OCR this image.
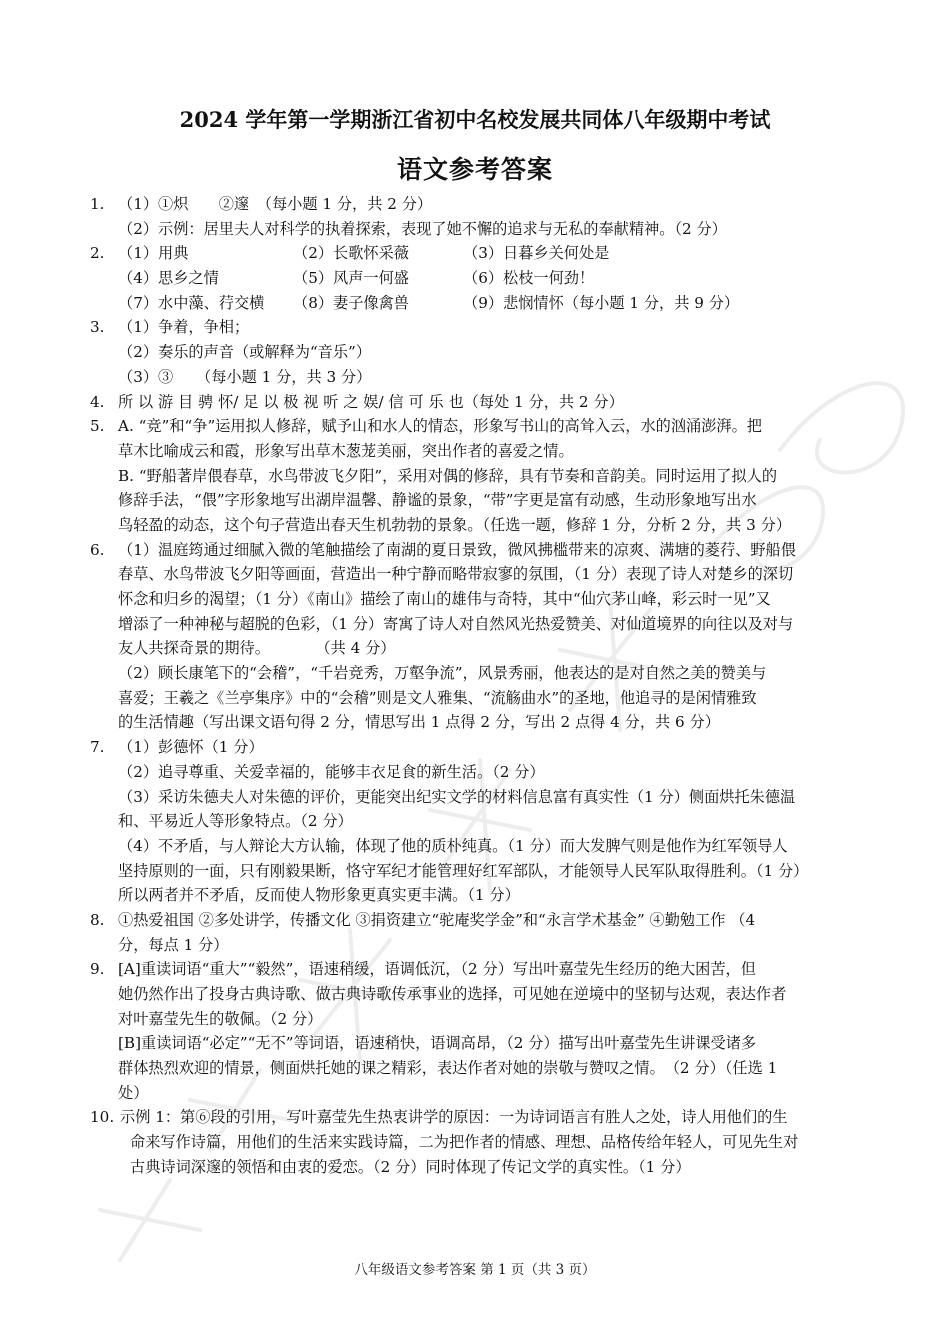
2024 学年第一学期浙江省初中名校发展共同体八年级期中考试
语文参考答案
1. （1）①炽　　②邃　（每小题 1 分，共 2 分）
（2）示例：居里夫人对科学的执着探索，表现了她不懈的追求与无私的奉献精神。（2 分）
2. （1）用典	（2）长歌怀采薇	（3）日暮乡关何处是
（4）思乡之情	（5）风声一何盛	（6）松枝一何劲！
（7）水中藻、荇交横	（8）妻子像禽兽	（9）悲悯情怀（每小题 1 分，共 9 分）
3. （1）争着，争相；
（2）奏乐的声音（或解释为“音乐”）
（3）③　　（每小题 1 分，共 3 分）
4. 所 以 游 目 骋 怀/ 足 以 极 视 听 之 娱/ 信 可 乐 也（每处 1 分，共 2 分）
5. A. “竞”和“争”运用拟人修辞，赋予山和水人的情态，形象写书山的高耸入云，水的汹涌澎湃。把
草木比喻成云和霞，形象写出草木葱茏美丽，突出作者的喜爱之情。
B. “野船著岸偎春草，水鸟带波飞夕阳”，采用对偶的修辞，具有节奏和音韵美。同时运用了拟人的
修辞手法，“偎”字形象地写出湖岸温馨、静谧的景象，“带”字更是富有动感，生动形象地写出水
鸟轻盈的动态，这个句子营造出春天生机勃勃的景象。（任选一题，修辞 1 分，分析 2 分，共 3 分）
6. （1）温庭筠通过细腻入微的笔触描绘了南湖的夏日景致，微风拂槛带来的凉爽、满塘的菱荇、野船偎
春草、水鸟带波飞夕阳等画面，营造出一种宁静而略带寂寥的氛围，（1 分）表现了诗人对楚乡的深切
怀念和归乡的渴望；（1 分）《南山》描绘了南山的雄伟与奇特，其中“仙穴茅山峰，彩云时一见”又
增添了一种神秘与超脱的色彩，（1 分）寄寓了诗人对自然风光热爱赞美、对仙道境界的向往以及对与
友人共探奇景的期待。　　　　（共 4 分）
（2）顾长康笔下的“会稽”，“千岩竞秀，万壑争流”，风景秀丽，他表达的是对自然之美的赞美与
喜爱；王羲之《兰亭集序》中的“会稽”则是文人雅集、“流觞曲水”的圣地，他追寻的是闲情雅致
的生活情趣（写出课文语句得 2 分，情思写出 1 点得 2 分，写出 2 点得 4 分，共 6 分）
7. （1）彭德怀（1 分）
（2）追寻尊重、关爱幸福的，能够丰衣足食的新生活。（2 分）
（3）采访朱德夫人对朱德的评价，更能突出纪实文学的材料信息富有真实性（1 分）侧面烘托朱德温
和、平易近人等形象特点。（2 分）
（4）不矛盾，与人辩论大方认输，体现了他的质朴纯真。（1 分）而大发脾气则是他作为红军领导人
坚持原则的一面，只有刚毅果断，恪守军纪才能管理好红军部队，才能领导人民军队取得胜利。（1 分）
所以两者并不矛盾，反而使人物形象更真实更丰满。（1 分）
8. ①热爱祖国 ②多处讲学，传播文化 ③捐资建立“驼庵奖学金”和“永言学术基金” ④勤勉工作 （4
分，每点 1 分）
9. [A]重读词语“重大”“毅然”，语速稍缓，语调低沉，（2 分）写出叶嘉莹先生经历的绝大困苦，但
她仍然作出了投身古典诗歌、做古典诗歌传承事业的选择，可见她在逆境中的坚韧与达观，表达作者
对叶嘉莹先生的敬佩。（2 分）
[B]重读词语“必定”“无不”等词语，语速稍快，语调高昂，（2 分）描写出叶嘉莹先生讲课受诸多
群体热烈欢迎的情景，侧面烘托她的课之精彩，表达作者对她的崇敬与赞叹之情。　（2 分）（任选 1
处）
10. 示例 1：第⑥段的引用，写叶嘉莹先生热衷讲学的原因：一为诗词语言有胜人之处，诗人用他们的生
命来写作诗篇，用他们的生活来实践诗篇，二为把作者的情感、理想、品格传给年轻人，可见先生对
古典诗词深邃的领悟和由衷的爱恋。（2 分）同时体现了传记文学的真实性。（1 分）
八年级语文参考答案 第 1 页（共 3 页）
